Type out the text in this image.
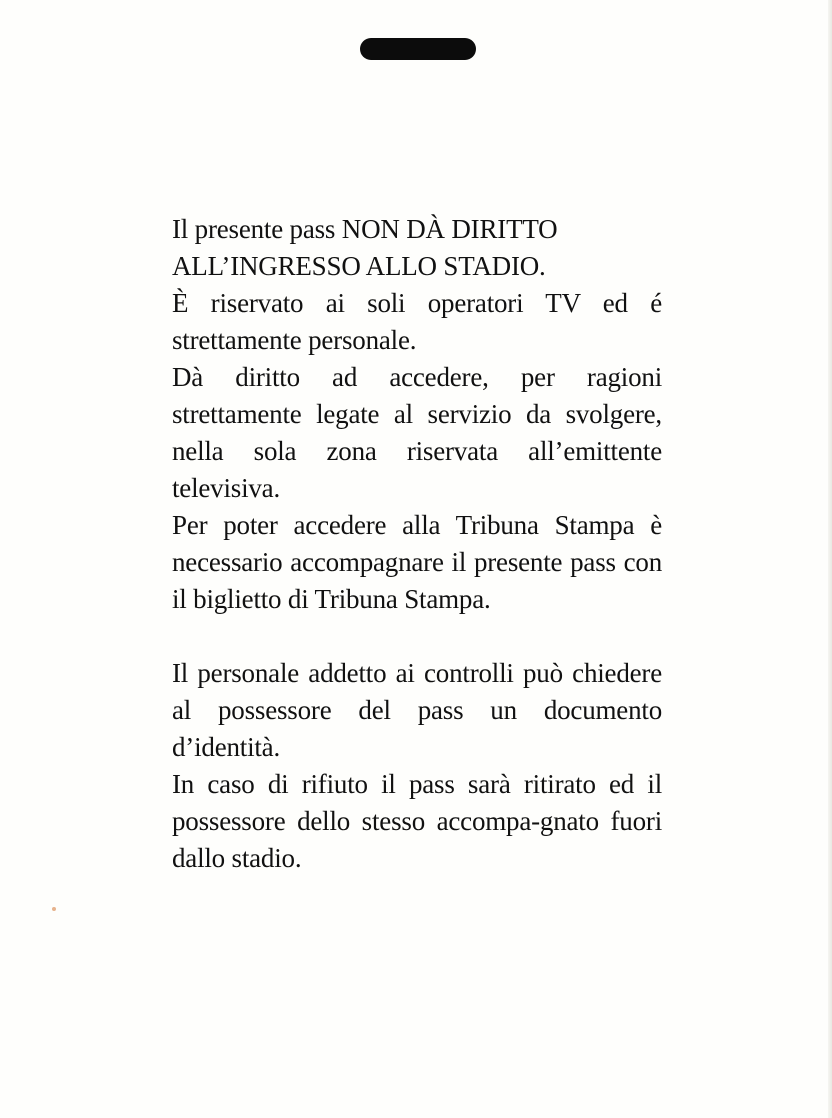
Il presente pass NON DÀ DIRITTO
ALL’INGRESSO ALLO STADIO.

È riservato ai soli operatori TV ed é strettamente personale.

Dà diritto ad accedere, per ragioni strettamente legate al servizio da svolgere, nella sola zona riservata all’emittente televisiva.

Per poter accedere alla Tribuna Stampa è necessario accompagnare il presente pass con il biglietto di Tribuna Stampa.

Il personale addetto ai controlli può chiedere al possessore del pass un documento d’identità.

In caso di rifiuto il pass sarà ritirato ed il possessore dello stesso accompa-gnato fuori dallo stadio.
